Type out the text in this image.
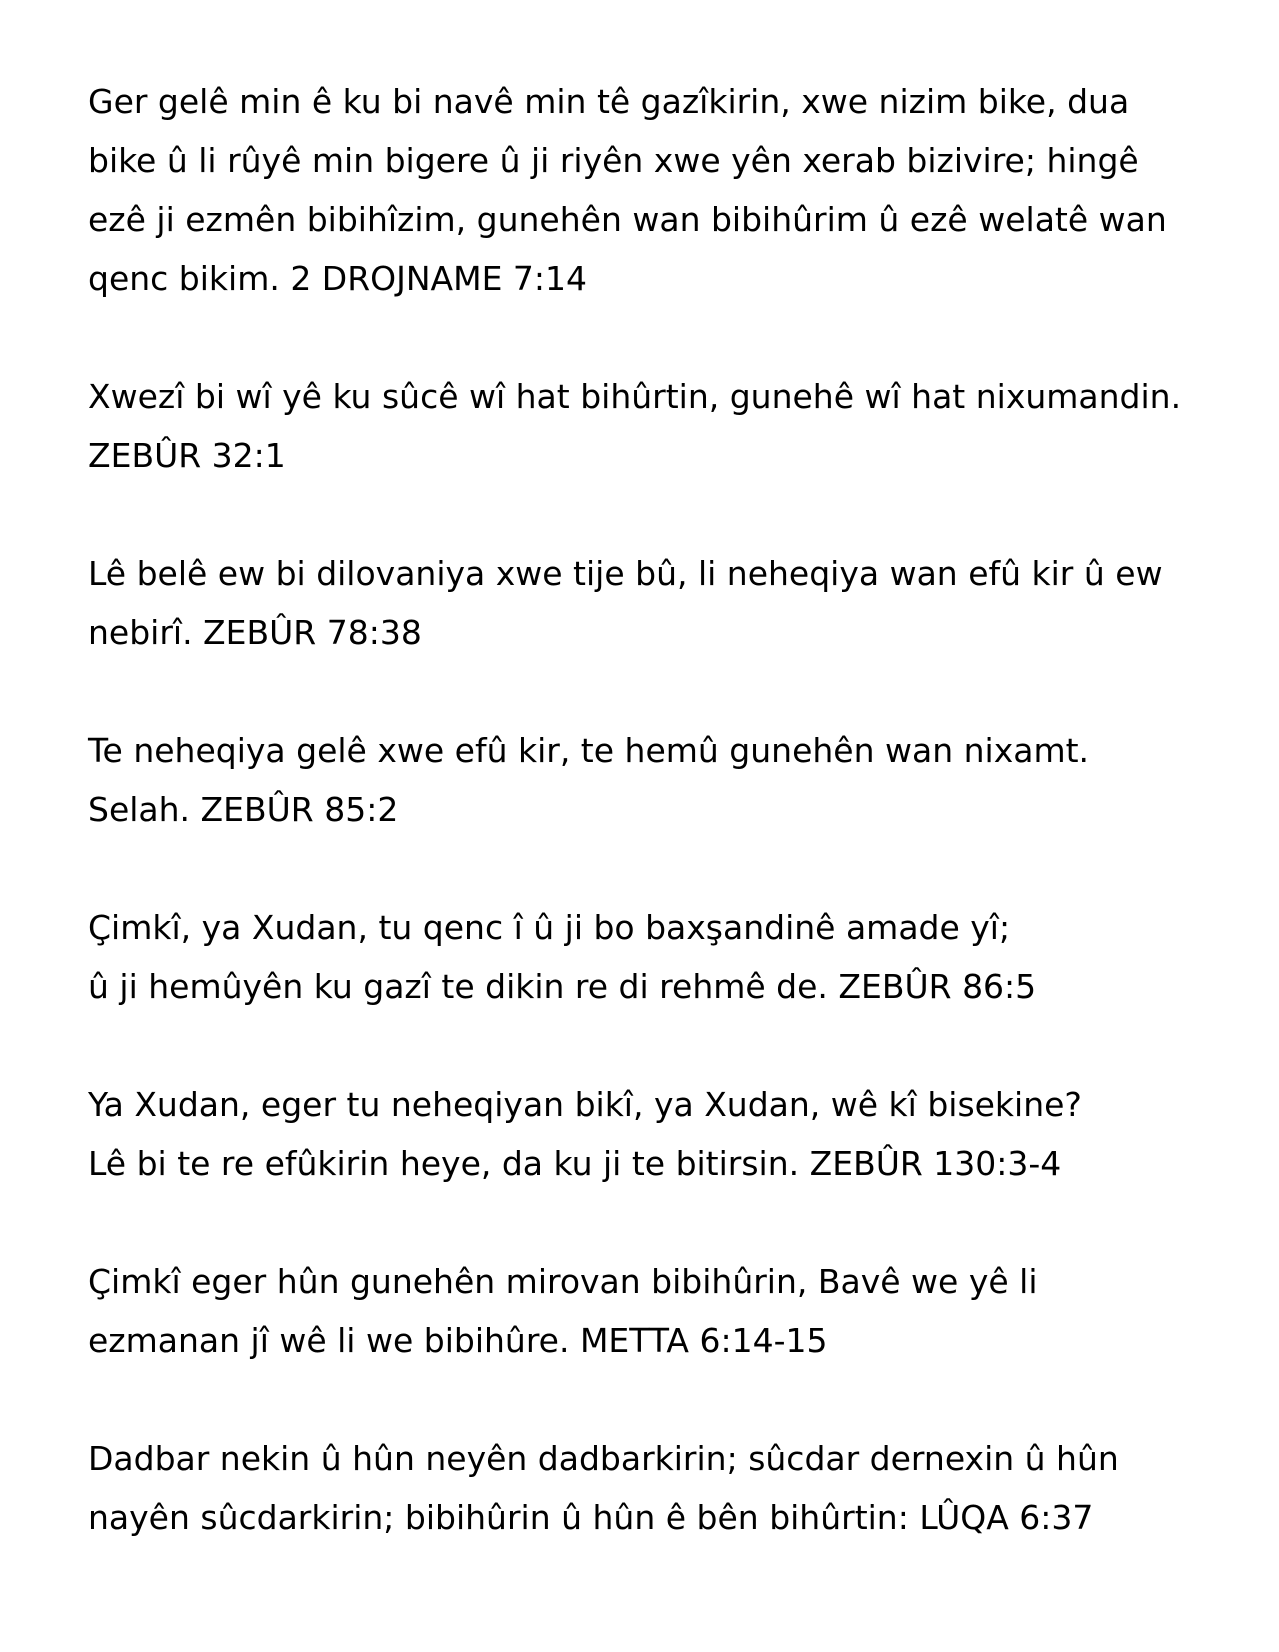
Ger gelê min ê ku bi navê min tê gazîkirin, xwe nizim bike, dua
bike û li rûyê min bigere û ji riyên xwe yên xerab bizivire; hingê
ezê ji ezmên bibihîzim, gunehên wan bibihûrim û ezê welatê wan
qenc bikim. 2 DROJNAME 7:14

Xwezî bi wî yê ku sûcê wî hat bihûrtin, gunehê wî hat nixumandin.
ZEBÛR 32:1

Lê belê ew bi dilovaniya xwe tije bû, li neheqiya wan efû kir û ew
nebirî. ZEBÛR 78:38

Te neheqiya gelê xwe efû kir, te hemû gunehên wan nixamt.
Selah. ZEBÛR 85:2

Çimkî, ya Xudan, tu qenc î û ji bo baxşandinê amade yî;
û ji hemûyên ku gazî te dikin re di rehmê de. ZEBÛR 86:5

Ya Xudan, eger tu neheqiyan bikî, ya Xudan, wê kî bisekine?
Lê bi te re efûkirin heye, da ku ji te bitirsin. ZEBÛR 130:3-4

Çimkî eger hûn gunehên mirovan bibihûrin, Bavê we yê li
ezmanan jî wê li we bibihûre. METTA 6:14-15

Dadbar nekin û hûn neyên dadbarkirin; sûcdar dernexin û hûn
nayên sûcdarkirin; bibihûrin û hûn ê bên bihûrtin: LÛQA 6:37
